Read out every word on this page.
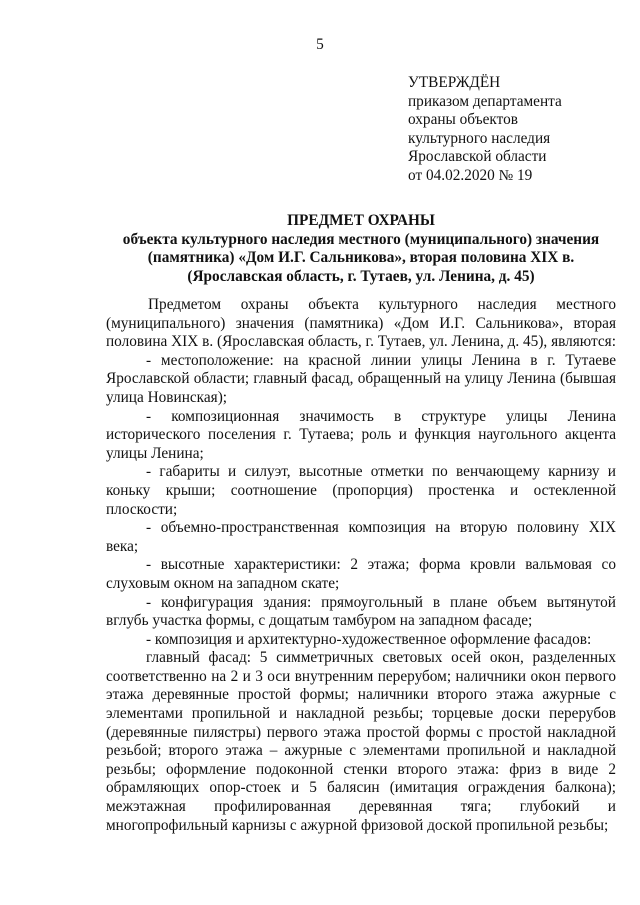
5
УТВЕРЖДЁН
приказом департамента
охраны объектов
культурного наследия
Ярославской области
от 04.02.2020 № 19
ПРЕДМЕТ ОХРАНЫ
объекта культурного наследия местного (муниципального) значения
(памятника) «Дом И.Г. Сальникова», вторая половина XIX в.
(Ярославская область, г. Тутаев, ул. Ленина, д. 45)
Предметом охраны объекта культурного наследия местного (муниципального) значения (памятника) «Дом И.Г. Сальникова», вторая половина XIX в. (Ярославская область, г. Тутаев, ул. Ленина, д. 45), являются:
- местоположение: на красной линии улицы Ленина в г. Тутаеве Ярославской области; главный фасад, обращенный на улицу Ленина (бывшая улица Новинская);
- композиционная значимость в структуре улицы Ленина исторического поселения г. Тутаева; роль и функция наугольного акцента улицы Ленина;
- габариты и силуэт, высотные отметки по венчающему карнизу и коньку крыши; соотношение (пропорция) простенка и остекленной плоскости;
- объемно-пространственная композиция на вторую половину XIX века;
- высотные характеристики: 2 этажа; форма кровли вальмовая со слуховым окном на западном скате;
- конфигурация здания: прямоугольный в плане объем вытянутой вглубь участка формы, с дощатым тамбуром на западном фасаде;
- композиция и архитектурно-художественное оформление фасадов:
главный фасад: 5 симметричных световых осей окон, разделенных соответственно на 2 и 3 оси внутренним перерубом; наличники окон первого этажа деревянные простой формы; наличники второго этажа ажурные с элементами пропильной и накладной резьбы; торцевые доски перерубов (деревянные пилястры) первого этажа простой формы с простой накладной резьбой; второго этажа – ажурные с элементами пропильной и накладной резьбы; оформление подоконной стенки второго этажа: фриз в виде 2 обрамляющих опор-стоек и 5 балясин (имитация ограждения балкона); межэтажная профилированная деревянная тяга; глубокий и многопрофильный карнизы с ажурной фризовой доской пропильной резьбы;
